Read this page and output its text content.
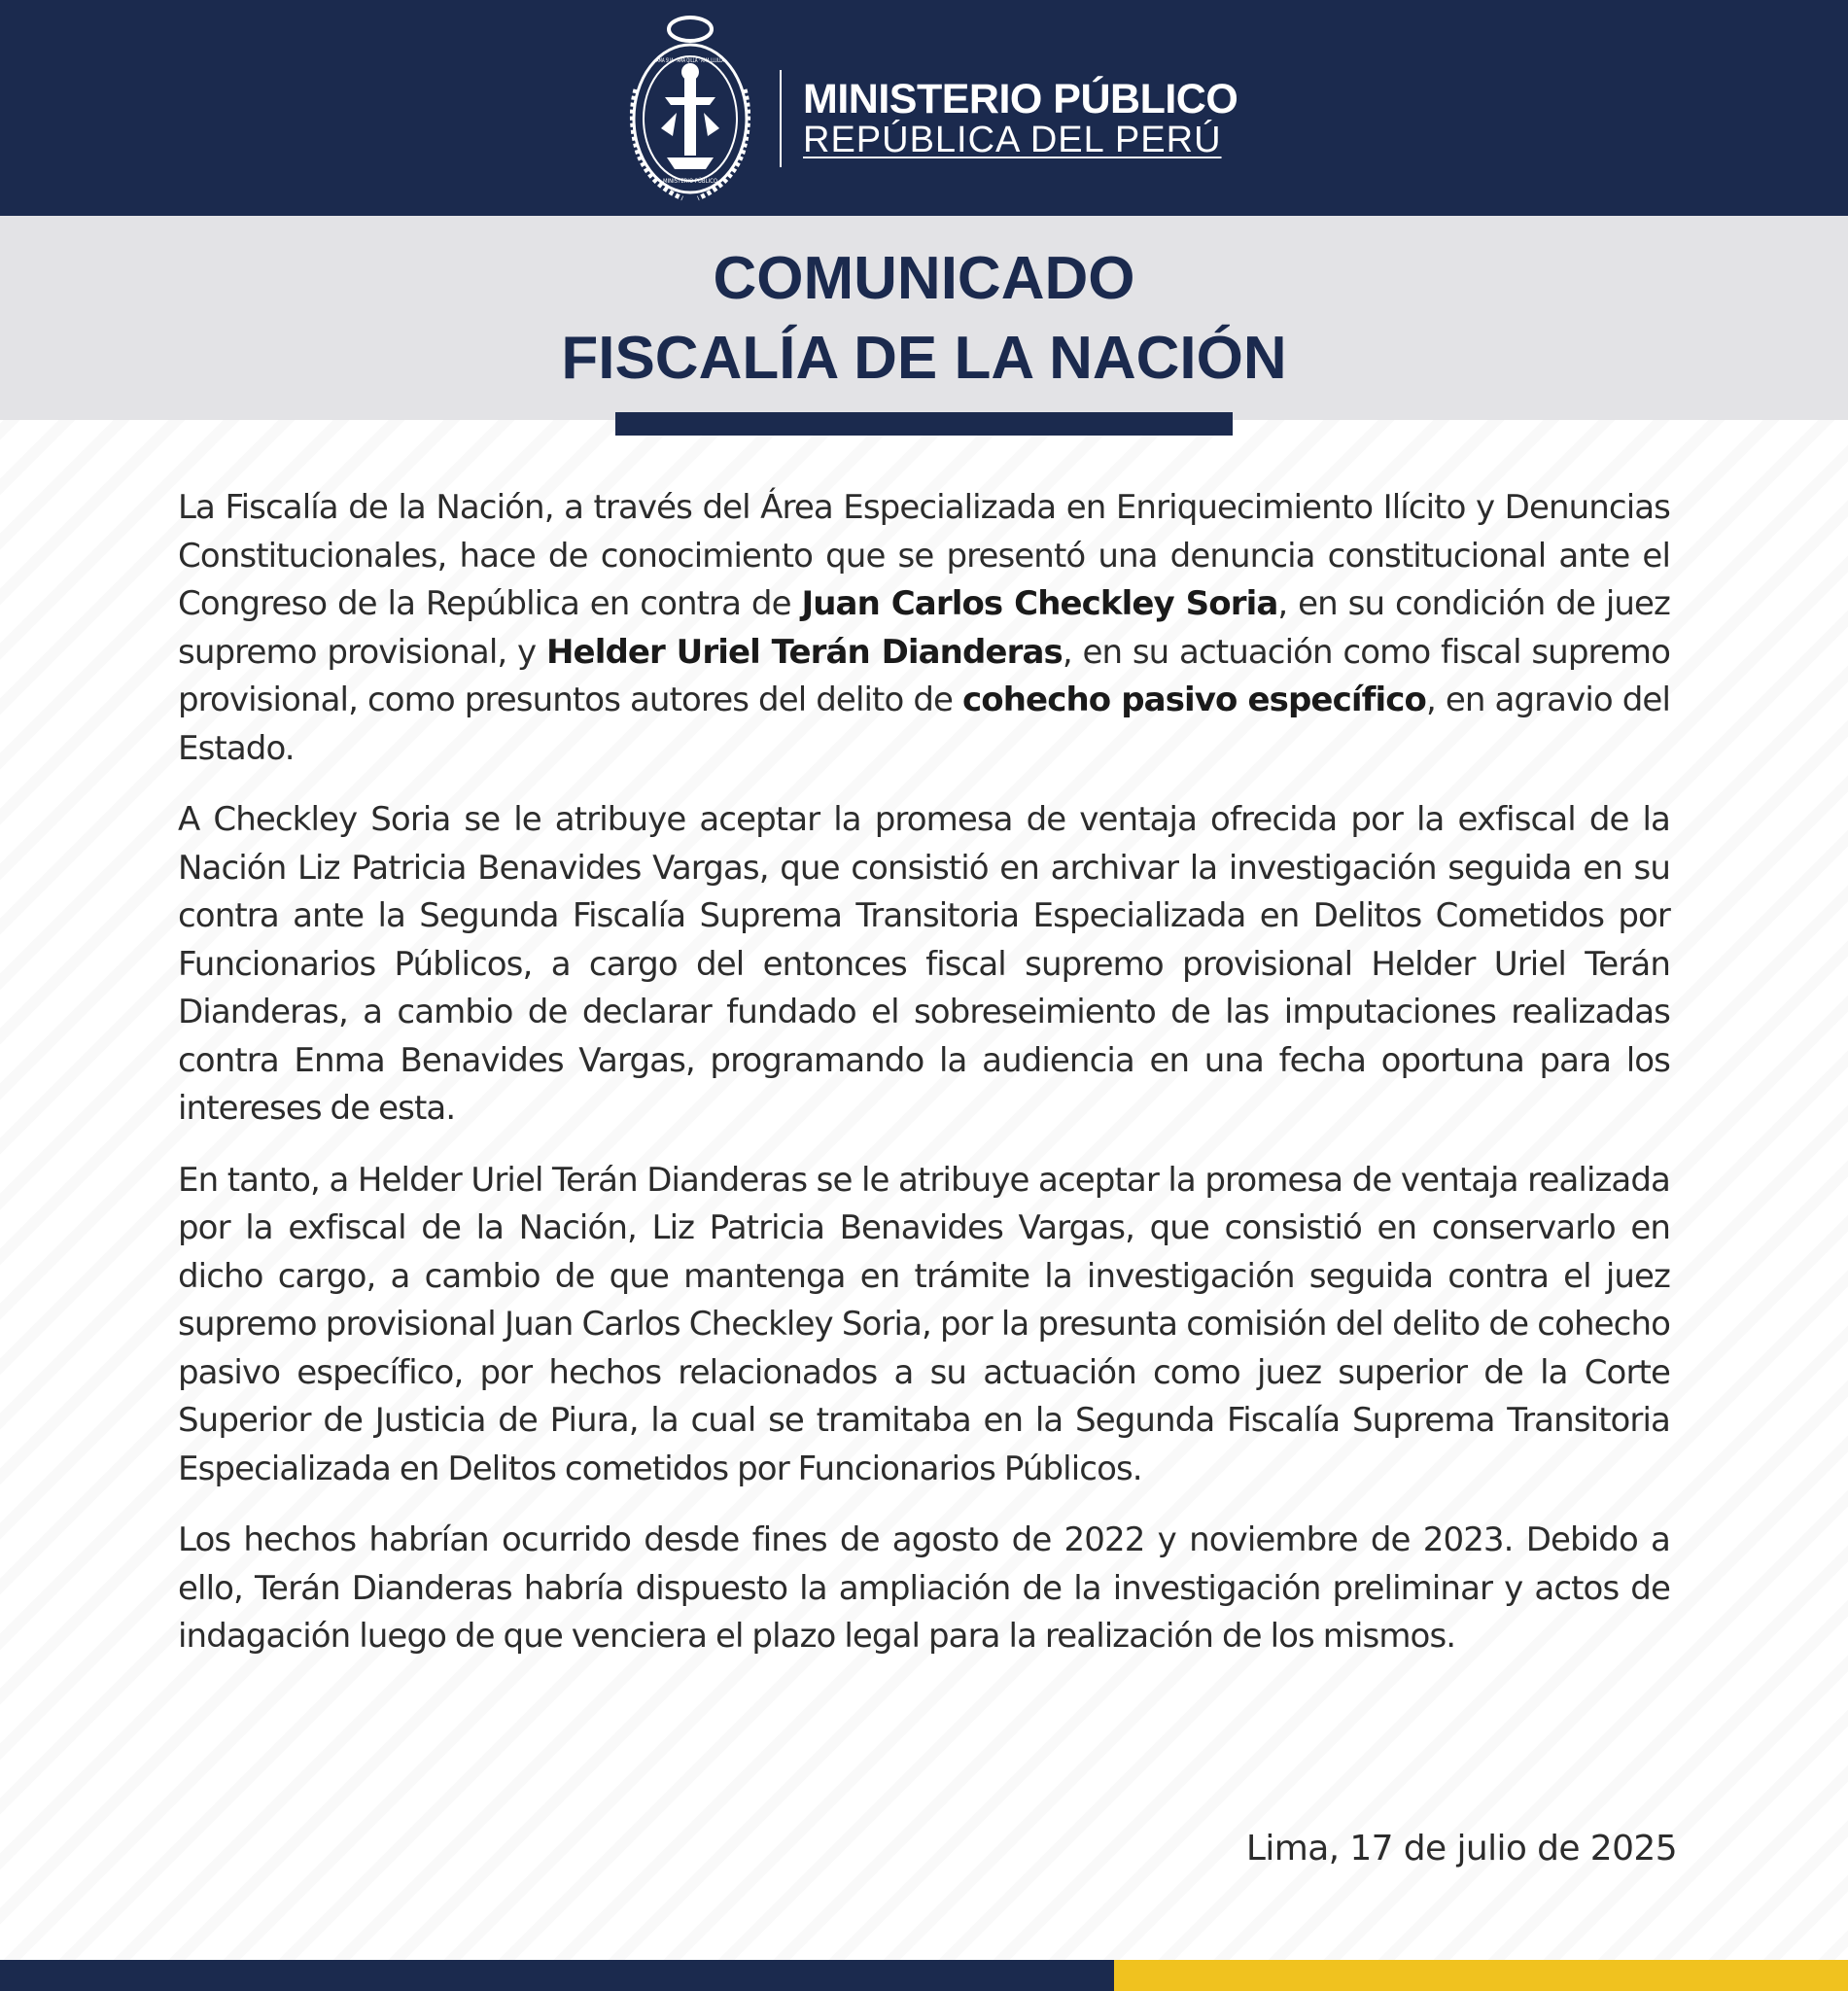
AMA SUA · AMA QILLA · AMA LLULLA
MINISTERIO PÚBLICO
MINISTERIO PÚBLICO
REPÚBLICA DEL PERÚ
COMUNICADO
FISCALÍA DE LA NACIÓN

La Fiscalía de la Nación, a través del Área Especializada en Enriquecimiento Ilícito y Denuncias Constitucionales, hace de conocimiento que se presentó una denuncia constitucional ante el Congreso de la República en contra de Juan Carlos Checkley Soria, en su condición de juez supremo provisional, y Helder Uriel Terán Dianderas, en su actuación como fiscal supremo provisional, como presuntos autores del delito de cohecho pasivo específico, en agravio del Estado.

A Checkley Soria se le atribuye aceptar la promesa de ventaja ofrecida por la exfiscal de la Nación Liz Patricia Benavides Vargas, que consistió en archivar la investigación seguida en su contra ante la Segunda Fiscalía Suprema Transitoria Especializada en Delitos Cometidos por Funcionarios Públicos, a cargo del entonces fiscal supremo provisional Helder Uriel Terán Dianderas, a cambio de declarar fundado el sobreseimiento de las imputaciones realizadas contra Enma Benavides Vargas, programando la audiencia en una fecha oportuna para los intereses de esta.

En tanto, a Helder Uriel Terán Dianderas se le atribuye aceptar la promesa de ventaja realizada por la exfiscal de la Nación, Liz Patricia Benavides Vargas, que consistió en conservarlo en dicho cargo, a cambio de que mantenga en trámite la investigación seguida contra el juez supremo provisional Juan Carlos Checkley Soria, por la presunta comisión del delito de cohecho pasivo específico, por hechos relacionados a su actuación como juez superior de la Corte Superior de Justicia de Piura, la cual se tramitaba en la Segunda Fiscalía Suprema Transitoria Especializada en Delitos cometidos por Funcionarios Públicos.

Los hechos habrían ocurrido desde fines de agosto de 2022 y noviembre de 2023. Debido a ello, Terán Dianderas habría dispuesto la ampliación de la investigación preliminar y actos de indagación luego de que venciera el plazo legal para la realización de los mismos.

Lima, 17 de julio de 2025
